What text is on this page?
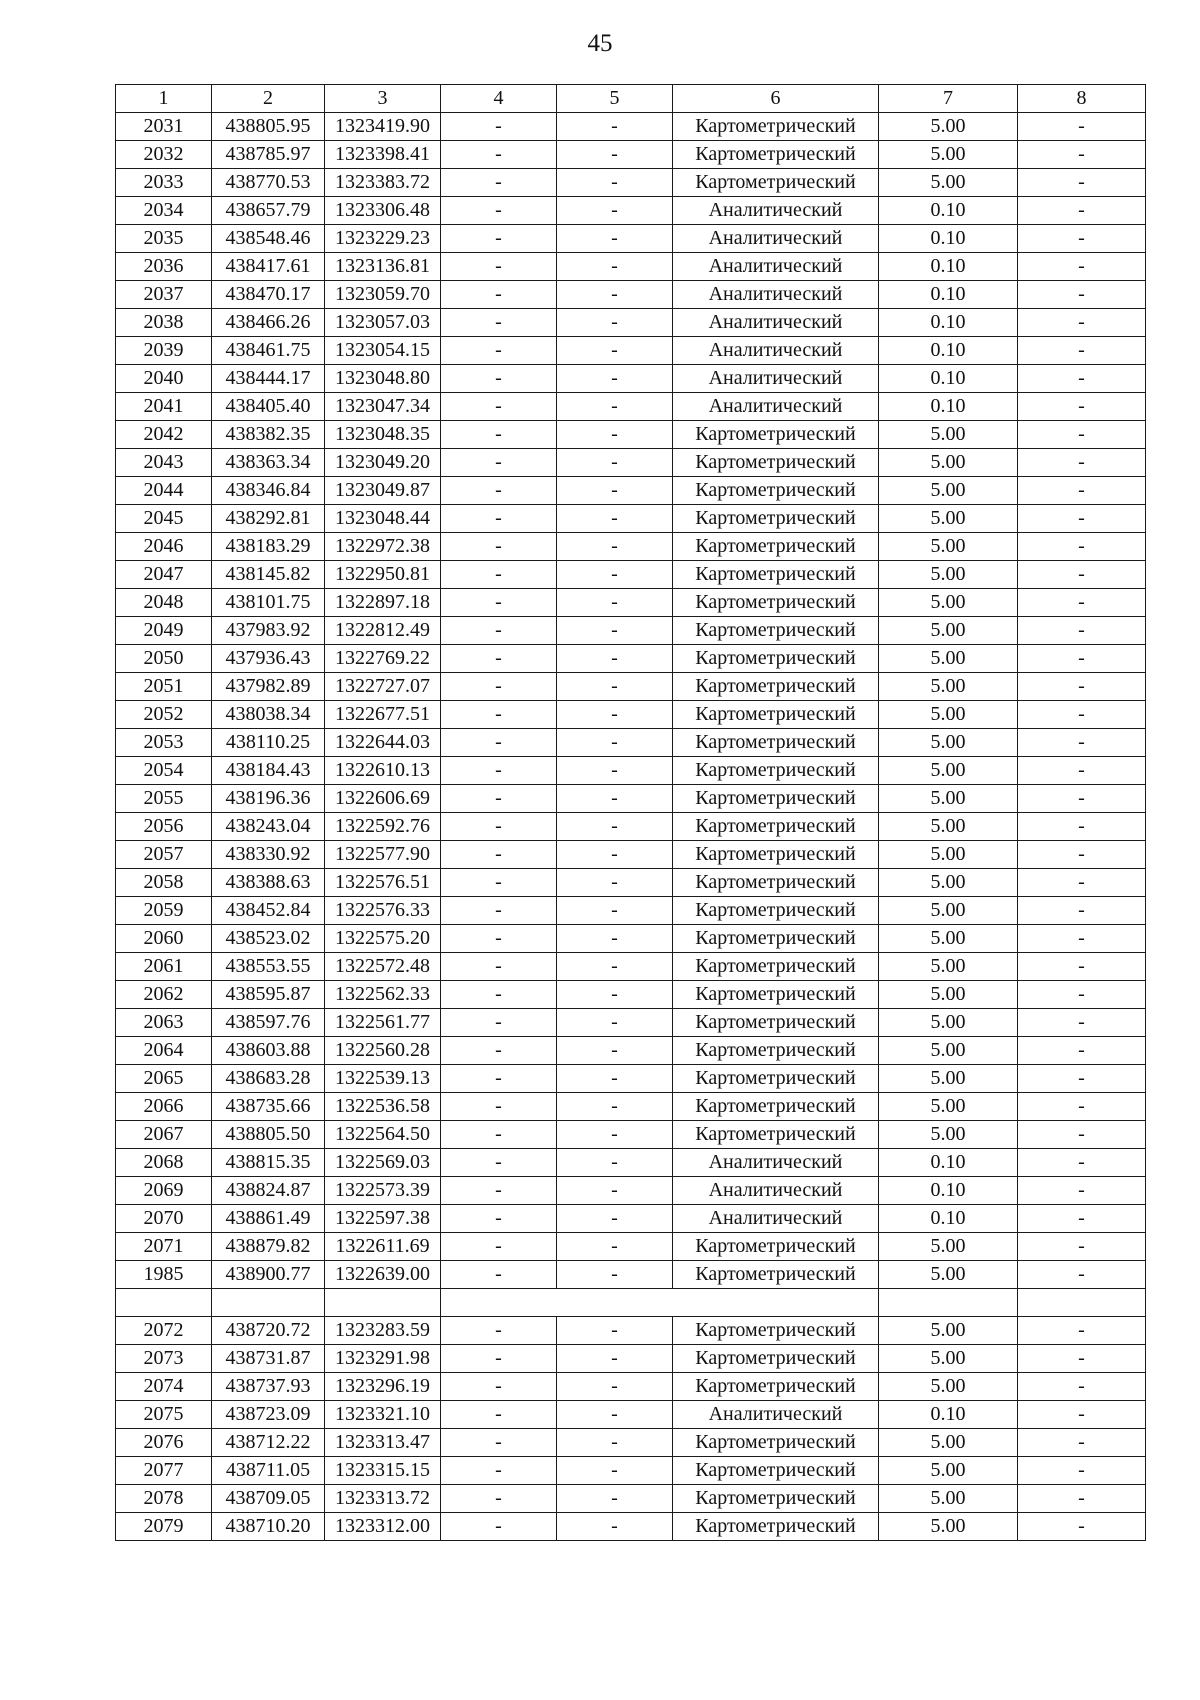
45
1	2	3	4	5	6	7	8
2031	438805.95	1323419.90	-	-	Картометрический	5.00	-
2032	438785.97	1323398.41	-	-	Картометрический	5.00	-
2033	438770.53	1323383.72	-	-	Картометрический	5.00	-
2034	438657.79	1323306.48	-	-	Аналитический	0.10	-
2035	438548.46	1323229.23	-	-	Аналитический	0.10	-
2036	438417.61	1323136.81	-	-	Аналитический	0.10	-
2037	438470.17	1323059.70	-	-	Аналитический	0.10	-
2038	438466.26	1323057.03	-	-	Аналитический	0.10	-
2039	438461.75	1323054.15	-	-	Аналитический	0.10	-
2040	438444.17	1323048.80	-	-	Аналитический	0.10	-
2041	438405.40	1323047.34	-	-	Аналитический	0.10	-
2042	438382.35	1323048.35	-	-	Картометрический	5.00	-
2043	438363.34	1323049.20	-	-	Картометрический	5.00	-
2044	438346.84	1323049.87	-	-	Картометрический	5.00	-
2045	438292.81	1323048.44	-	-	Картометрический	5.00	-
2046	438183.29	1322972.38	-	-	Картометрический	5.00	-
2047	438145.82	1322950.81	-	-	Картометрический	5.00	-
2048	438101.75	1322897.18	-	-	Картометрический	5.00	-
2049	437983.92	1322812.49	-	-	Картометрический	5.00	-
2050	437936.43	1322769.22	-	-	Картометрический	5.00	-
2051	437982.89	1322727.07	-	-	Картометрический	5.00	-
2052	438038.34	1322677.51	-	-	Картометрический	5.00	-
2053	438110.25	1322644.03	-	-	Картометрический	5.00	-
2054	438184.43	1322610.13	-	-	Картометрический	5.00	-
2055	438196.36	1322606.69	-	-	Картометрический	5.00	-
2056	438243.04	1322592.76	-	-	Картометрический	5.00	-
2057	438330.92	1322577.90	-	-	Картометрический	5.00	-
2058	438388.63	1322576.51	-	-	Картометрический	5.00	-
2059	438452.84	1322576.33	-	-	Картометрический	5.00	-
2060	438523.02	1322575.20	-	-	Картометрический	5.00	-
2061	438553.55	1322572.48	-	-	Картометрический	5.00	-
2062	438595.87	1322562.33	-	-	Картометрический	5.00	-
2063	438597.76	1322561.77	-	-	Картометрический	5.00	-
2064	438603.88	1322560.28	-	-	Картометрический	5.00	-
2065	438683.28	1322539.13	-	-	Картометрический	5.00	-
2066	438735.66	1322536.58	-	-	Картометрический	5.00	-
2067	438805.50	1322564.50	-	-	Картометрический	5.00	-
2068	438815.35	1322569.03	-	-	Аналитический	0.10	-
2069	438824.87	1322573.39	-	-	Аналитический	0.10	-
2070	438861.49	1322597.38	-	-	Аналитический	0.10	-
2071	438879.82	1322611.69	-	-	Картометрический	5.00	-
1985	438900.77	1322639.00	-	-	Картометрический	5.00	-

2072	438720.72	1323283.59	-	-	Картометрический	5.00	-
2073	438731.87	1323291.98	-	-	Картометрический	5.00	-
2074	438737.93	1323296.19	-	-	Картометрический	5.00	-
2075	438723.09	1323321.10	-	-	Аналитический	0.10	-
2076	438712.22	1323313.47	-	-	Картометрический	5.00	-
2077	438711.05	1323315.15	-	-	Картометрический	5.00	-
2078	438709.05	1323313.72	-	-	Картометрический	5.00	-
2079	438710.20	1323312.00	-	-	Картометрический	5.00	-
